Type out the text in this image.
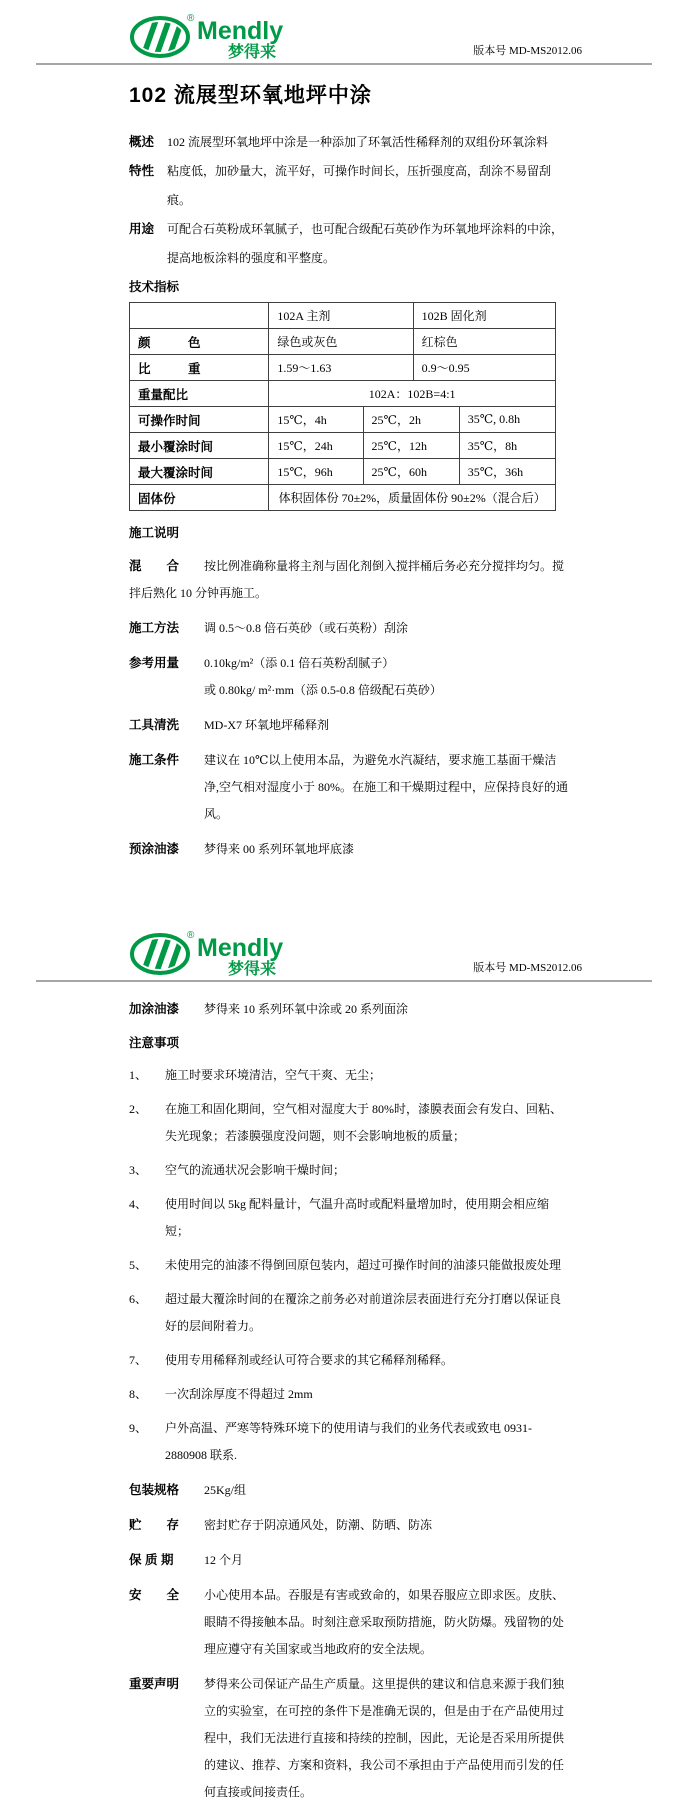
® Mendly
梦得来	版本号 MD-MS2012.06
102 流展型环氧地坪中涂
概述	102 流展型环氧地坪中涂是一种添加了环氧活性稀释剂的双组份环氧涂料
特性	粘度低，加砂量大，流平好，可操作时间长，压折强度高，刮涂不易留刮痕。
用途	可配合石英粉成环氧腻子，也可配合级配石英砂作为环氧地坪涂料的中涂，提高地板涂料的强度和平整度。
技术指标
	102A 主剂		102B 固化剂	
颜　　　色	绿色或灰色		红棕色	
比　　　重	1.59～1.63		0.9～0.95	
重量配比	102A：102B=4:1			
可操作时间	15℃，4h	25℃，2h		35℃, 0.8h
最小覆涂时间	15℃，24h	25℃，12h		35℃，8h
最大覆涂时间	15℃，96h	25℃，60h		35℃，36h
固体份	体积固体份 70±2%，质量固体份 90±2%（混合后）			
施工说明
混　　合 按比例准确称量将主剂与固化剂倒入搅拌桶后务必充分搅拌均匀。搅拌后熟化 10 分钟再施工。
施工方法	调 0.5～0.8 倍石英砂（或石英粉）刮涂
参考用量	0.10kg/m²（添 0.1 倍石英粉刮腻子）
或 0.80kg/ m²·mm（添 0.5-0.8 倍级配石英砂）
工具清洗	MD-X7 环氧地坪稀释剂
施工条件	建议在 10℃以上使用本品，为避免水汽凝结，要求施工基面干燥洁净,空气相对湿度小于 80%。在施工和干燥期过程中，应保持良好的通风。
预涂油漆	梦得来 00 系列环氧地坪底漆
® Mendly
梦得来	版本号 MD-MS2012.06
加涂油漆	梦得来 10 系列环氧中涂或 20 系列面涂
注意事项
1、	施工时要求环境清洁，空气干爽、无尘；
2、	在施工和固化期间，空气相对湿度大于 80%时，漆膜表面会有发白、回粘、失光现象；若漆膜强度没问题，则不会影响地板的质量；
3、	空气的流通状况会影响干燥时间；
4、	使用时间以 5kg 配料量计，气温升高时或配料量增加时，使用期会相应缩短；
5、	未使用完的油漆不得倒回原包装内，超过可操作时间的油漆只能做报废处理
6、	超过最大覆涂时间的在覆涂之前务必对前道涂层表面进行充分打磨以保证良好的层间附着力。
7、	使用专用稀释剂或经认可符合要求的其它稀释剂稀释。
8、	一次刮涂厚度不得超过 2mm
9、	户外高温、严寒等特殊环境下的使用请与我们的业务代表或致电 0931-2880908 联系.
包装规格	25Kg/组
贮　　存	密封贮存于阴凉通风处，防潮、防晒、防冻
保 质 期	12 个月
安　　全	小心使用本品。吞服是有害或致命的，如果吞服应立即求医。皮肤、眼睛不得接触本品。时刻注意采取预防措施，防火防爆。残留物的处理应遵守有关国家或当地政府的安全法规。
重要声明	梦得来公司保证产品生产质量。这里提供的建议和信息来源于我们独立的实验室，在可控的条件下是准确无误的，但是由于在产品使用过程中，我们无法进行直接和持续的控制，因此，无论是否采用所提供的建议、推荐、方案和资料，我公司不承担由于产品使用而引发的任何直接或间接责任。
